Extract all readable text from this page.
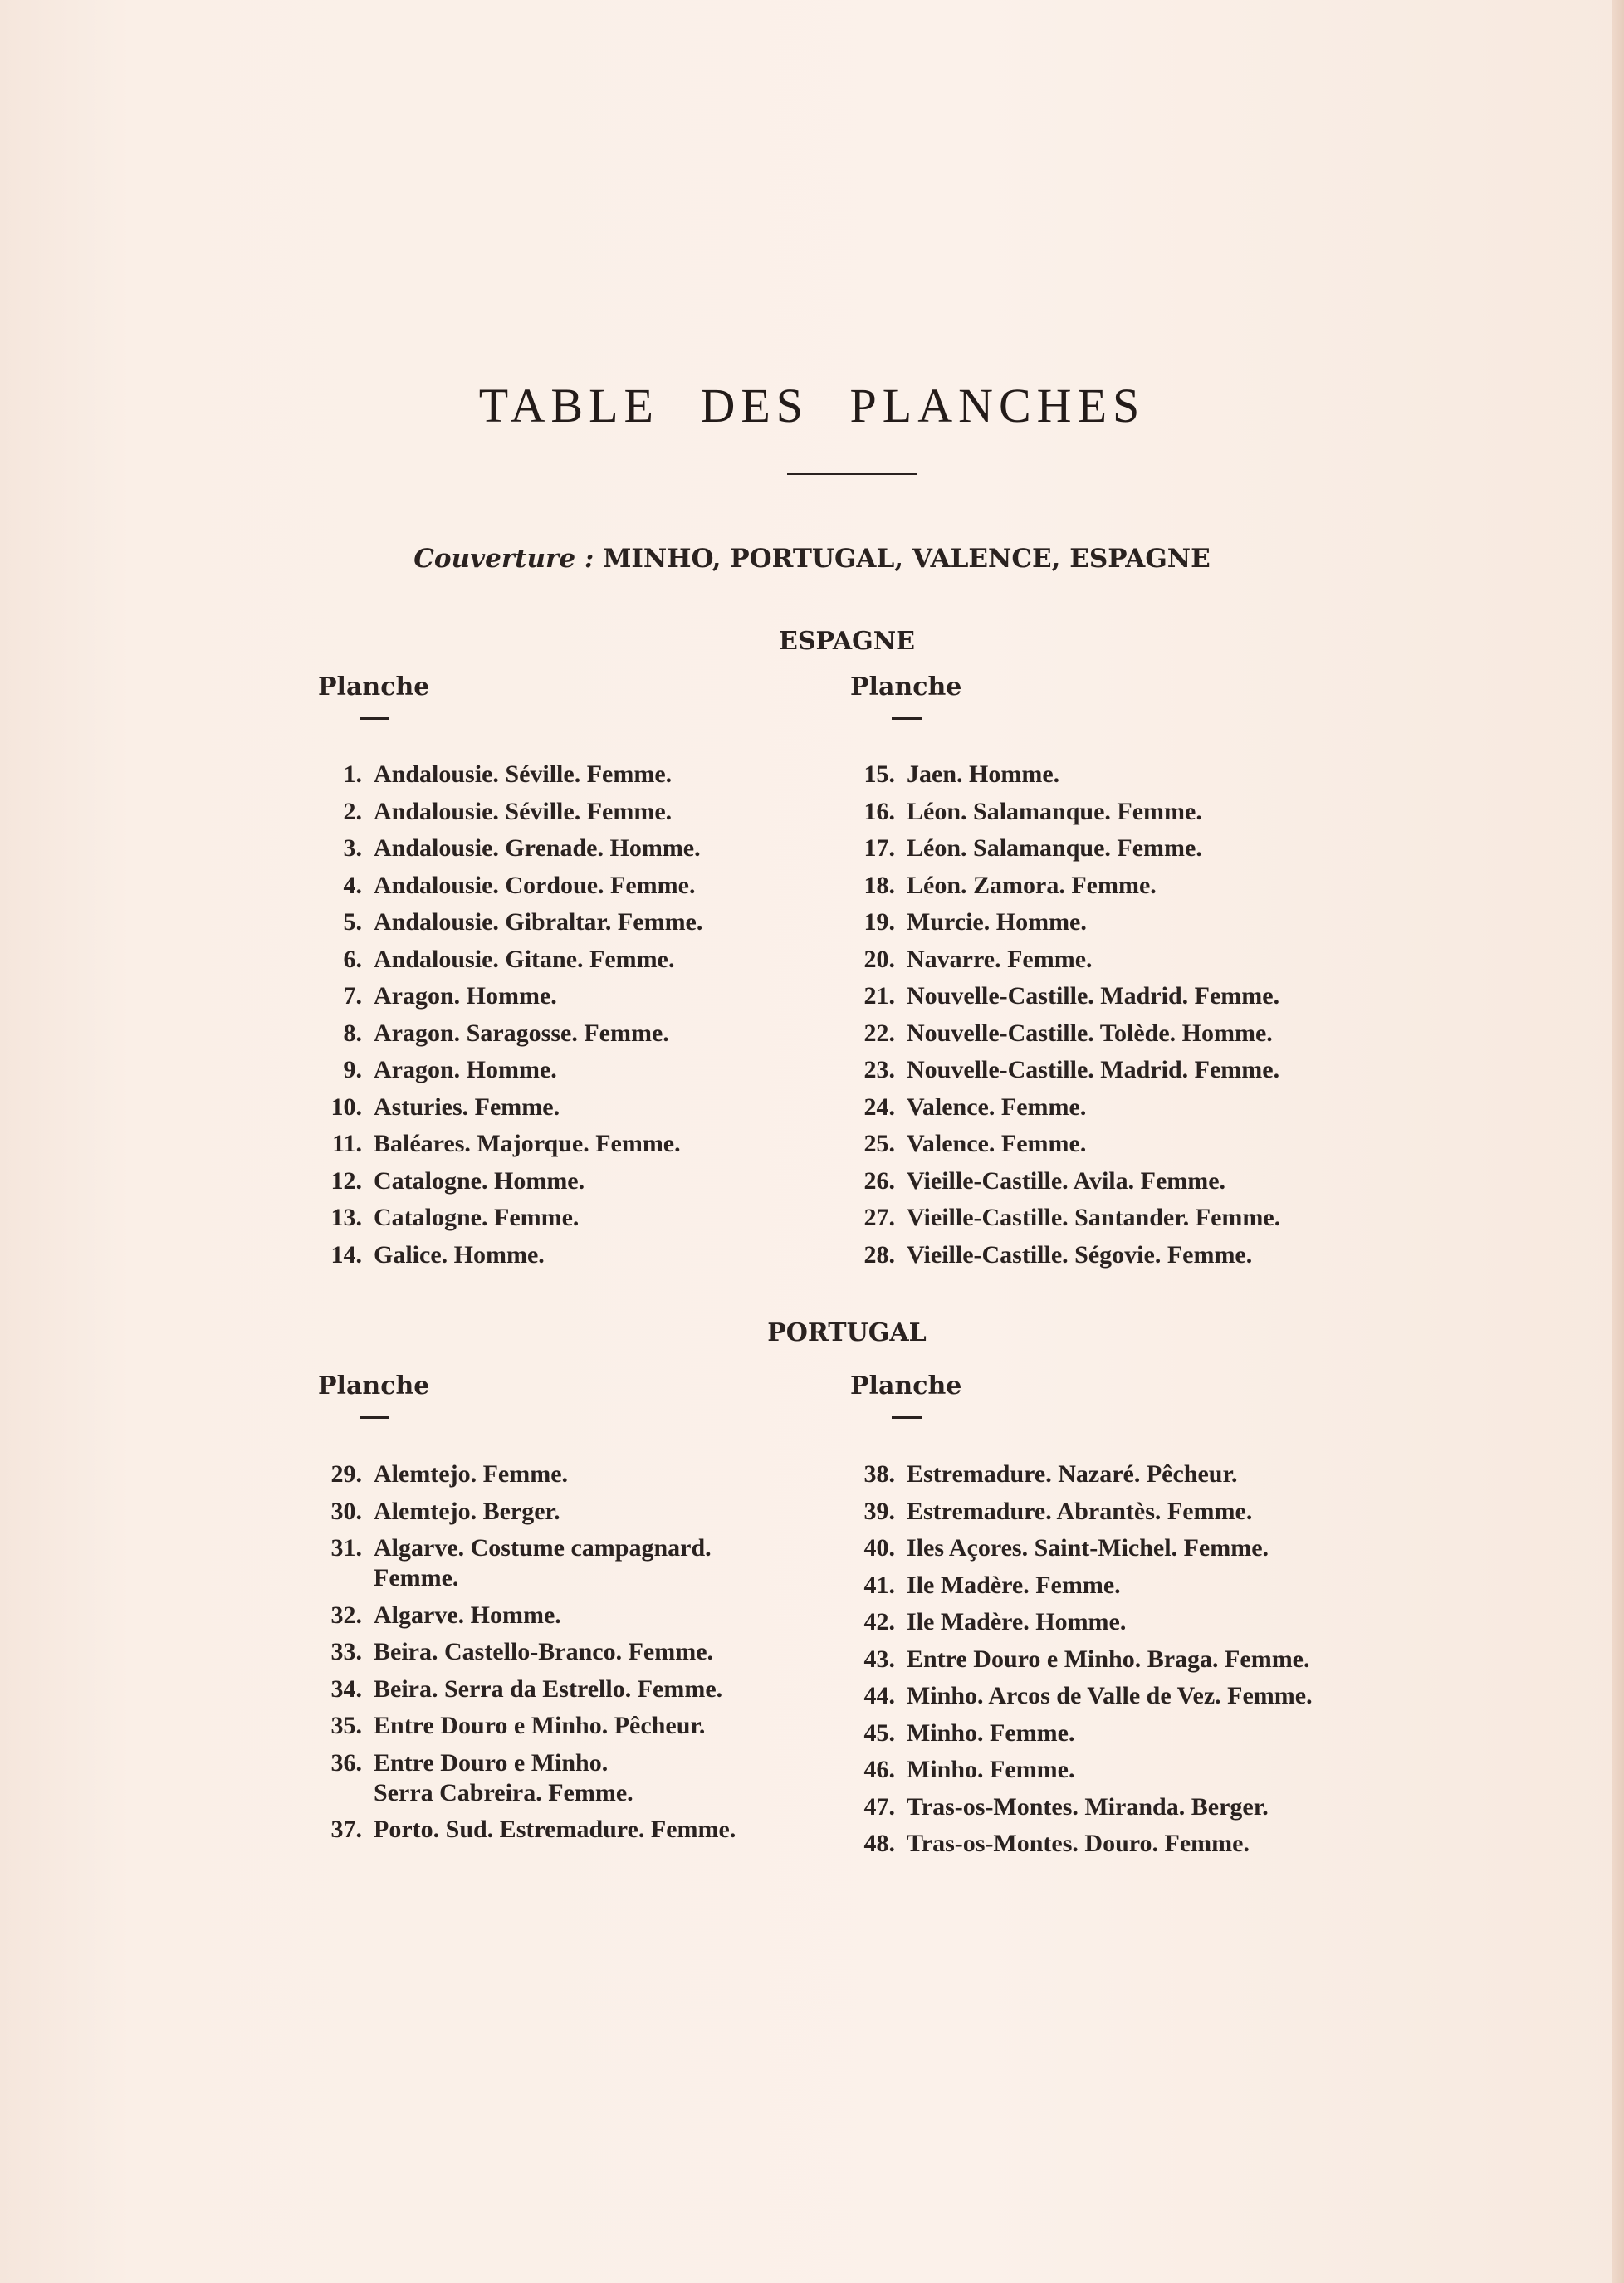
TABLE DES PLANCHES
Couverture : MINHO, PORTUGAL, VALENCE, ESPAGNE
ESPAGNE
Planche	Planche
1. Andalousie. Séville. Femme.
2. Andalousie. Séville. Femme.
3. Andalousie. Grenade. Homme.
4. Andalousie. Cordoue. Femme.
5. Andalousie. Gibraltar. Femme.
6. Andalousie. Gitane. Femme.
7. Aragon. Homme.
8. Aragon. Saragosse. Femme.
9. Aragon. Homme.
10. Asturies. Femme.
11. Baléares. Majorque. Femme.
12. Catalogne. Homme.
13. Catalogne. Femme.
14. Galice. Homme.
15. Jaen. Homme.
16. Léon. Salamanque. Femme.
17. Léon. Salamanque. Femme.
18. Léon. Zamora. Femme.
19. Murcie. Homme.
20. Navarre. Femme.
21. Nouvelle-Castille. Madrid. Femme.
22. Nouvelle-Castille. Tolède. Homme.
23. Nouvelle-Castille. Madrid. Femme.
24. Valence. Femme.
25. Valence. Femme.
26. Vieille-Castille. Avila. Femme.
27. Vieille-Castille. Santander. Femme.
28. Vieille-Castille. Ségovie. Femme.
PORTUGAL
Planche	Planche
29. Alemtejo. Femme.
30. Alemtejo. Berger.
31. Algarve. Costume campagnard.
Femme.
32. Algarve. Homme.
33. Beira. Castello-Branco. Femme.
34. Beira. Serra da Estrello. Femme.
35. Entre Douro e Minho. Pêcheur.
36. Entre Douro e Minho.
Serra Cabreira. Femme.
37. Porto. Sud. Estremadure. Femme.
38. Estremadure. Nazaré. Pêcheur.
39. Estremadure. Abrantès. Femme.
40. Iles Açores. Saint-Michel. Femme.
41. Ile Madère. Femme.
42. Ile Madère. Homme.
43. Entre Douro e Minho. Braga. Femme.
44. Minho. Arcos de Valle de Vez. Femme.
45. Minho. Femme.
46. Minho. Femme.
47. Tras-os-Montes. Miranda. Berger.
48. Tras-os-Montes. Douro. Femme.
